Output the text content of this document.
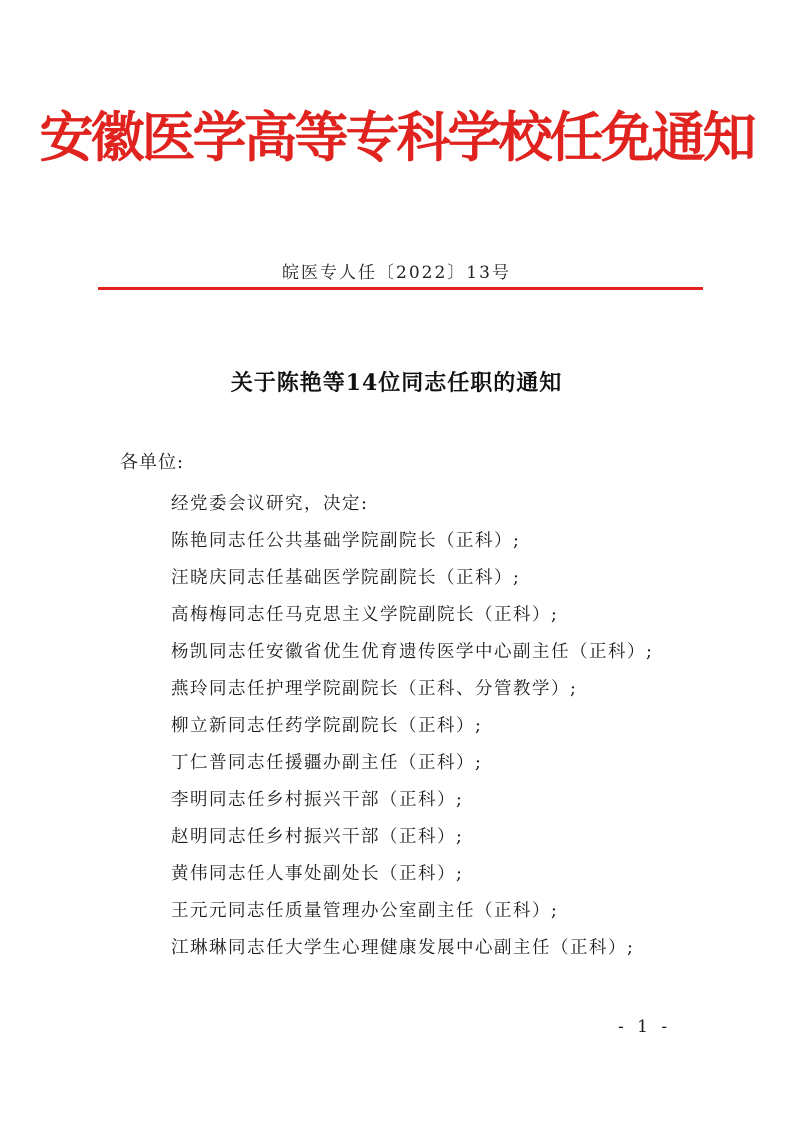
安徽医学高等专科学校任免通知
皖医专人任〔2022〕13号
关于陈艳等14位同志任职的通知
各单位:
经党委会议研究，决定:
陈艳同志任公共基础学院副院长（正科）;
汪晓庆同志任基础医学院副院长（正科）;
高梅梅同志任马克思主义学院副院长（正科）;
杨凯同志任安徽省优生优育遗传医学中心副主任（正科）;
燕玲同志任护理学院副院长（正科、分管教学）;
柳立新同志任药学院副院长（正科）;
丁仁普同志任援疆办副主任（正科）;
李明同志任乡村振兴干部（正科）;
赵明同志任乡村振兴干部（正科）;
黄伟同志任人事处副处长（正科）;
王元元同志任质量管理办公室副主任（正科）;
江琳琳同志任大学生心理健康发展中心副主任（正科）;
- 1 -
